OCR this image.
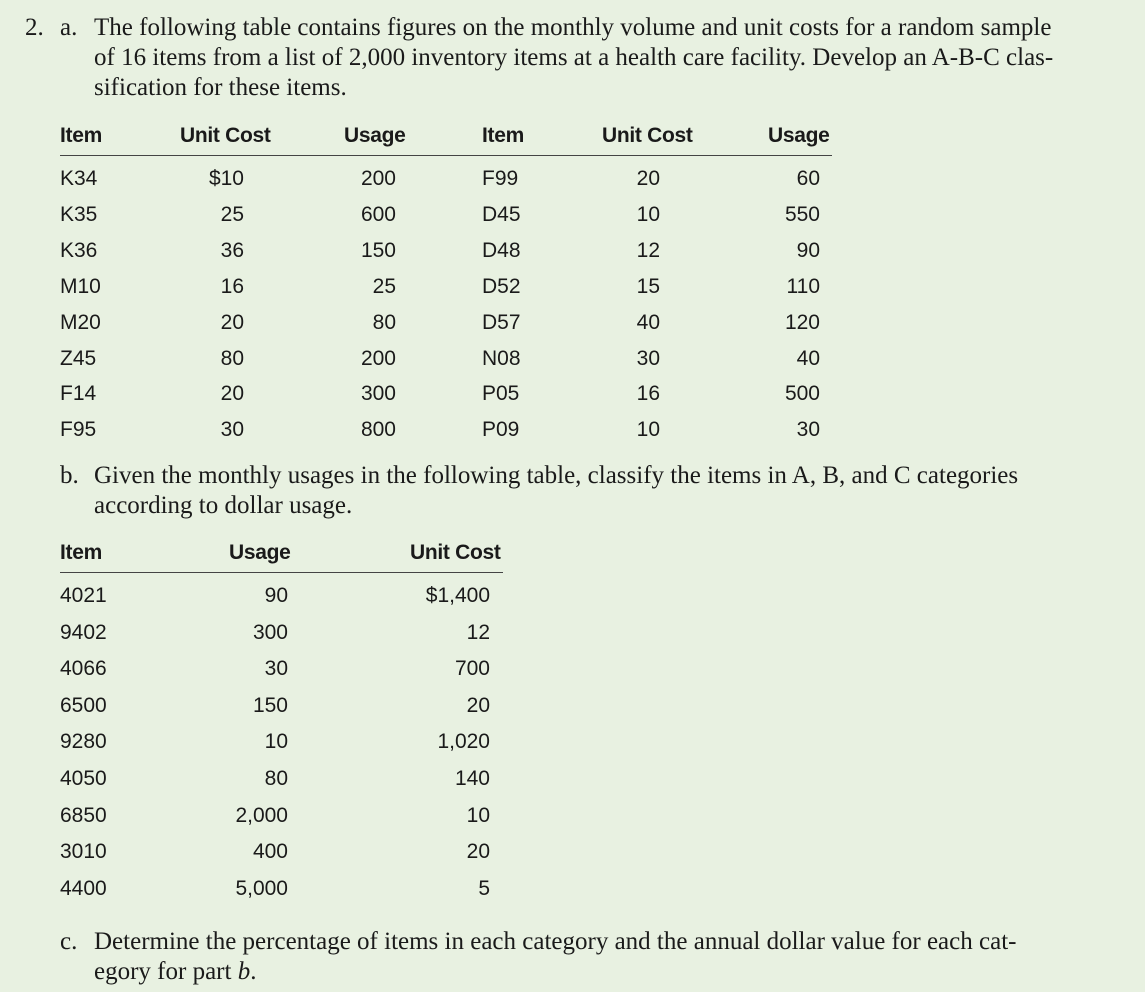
2. a. The following table contains figures on the monthly volume and unit costs for a random sample
of 16 items from a list of 2,000 inventory items at a health care facility. Develop an A-B-C clas-
sification for these items.
Item	Unit Cost	Usage	Item	Unit Cost	Usage
K34	$10	200	F99	20	60
K35	25	600	D45	10	550
K36	36	150	D48	12	90
M10	16	25	D52	15	110
M20	20	80	D57	40	120
Z45	80	200	N08	30	40
F14	20	300	P05	16	500
F95	30	800	P09	10	30
b. Given the monthly usages in the following table, classify the items in A, B, and C categories
according to dollar usage.
Item	Usage	Unit Cost
4021	90	$1,400
9402	300	12
4066	30	700
6500	150	20
9280	10	1,020
4050	80	140
6850	2,000	10
3010	400	20
4400	5,000	5
c. Determine the percentage of items in each category and the annual dollar value for each cat-
egory for part b.
